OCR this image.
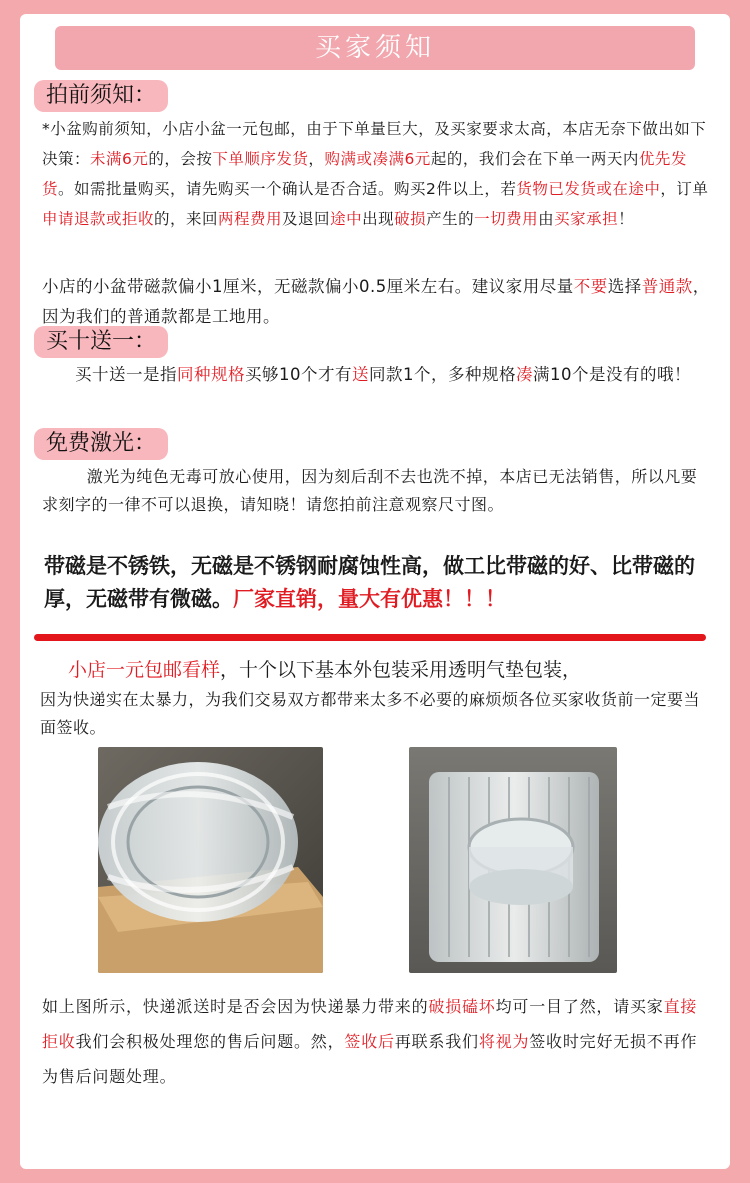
买家须知
拍前须知：
*小盆购前须知，小店小盆一元包邮，由于下单量巨大，及买家要求太高，本店无奈下做出如下决策：未满6元的，会按下单顺序发货，购满或凑满6元起的，我们会在下单一两天内优先发货。如需批量购买，请先购买一个确认是否合适。购买2件以上，若货物已发货或在途中，订单申请退款或拒收的，来回两程费用及退回途中出现破损产生的一切费用由买家承担！
小店的小盆带磁款偏小1厘米，无磁款偏小0.5厘米左右。建议家用尽量不要选择普通款，因为我们的普通款都是工地用。
买十送一：
买十送一是指同种规格买够10个才有送同款1个，多种规格凑满10个是没有的哦！
免费激光：
激光为纯色无毒可放心使用，因为刻后刮不去也洗不掉，本店已无法销售，所以凡要求刻字的一律不可以退换，请知晓！请您拍前注意观察尺寸图。
带磁是不锈铁，无磁是不锈钢耐腐蚀性高，做工比带磁的好、比带磁的厚，无磁带有微磁。厂家直销，量大有优惠！！！
小店一元包邮看样，十个以下基本外包装采用透明气垫包装，
因为快递实在太暴力，为我们交易双方都带来太多不必要的麻烦烦各位买家收货前一定要当面签收。
如上图所示，快递派送时是否会因为快递暴力带来的破损磕坏均可一目了然，请买家直接拒收我们会积极处理您的售后问题。然，签收后再联系我们将视为签收时完好无损不再作为售后问题处理。
